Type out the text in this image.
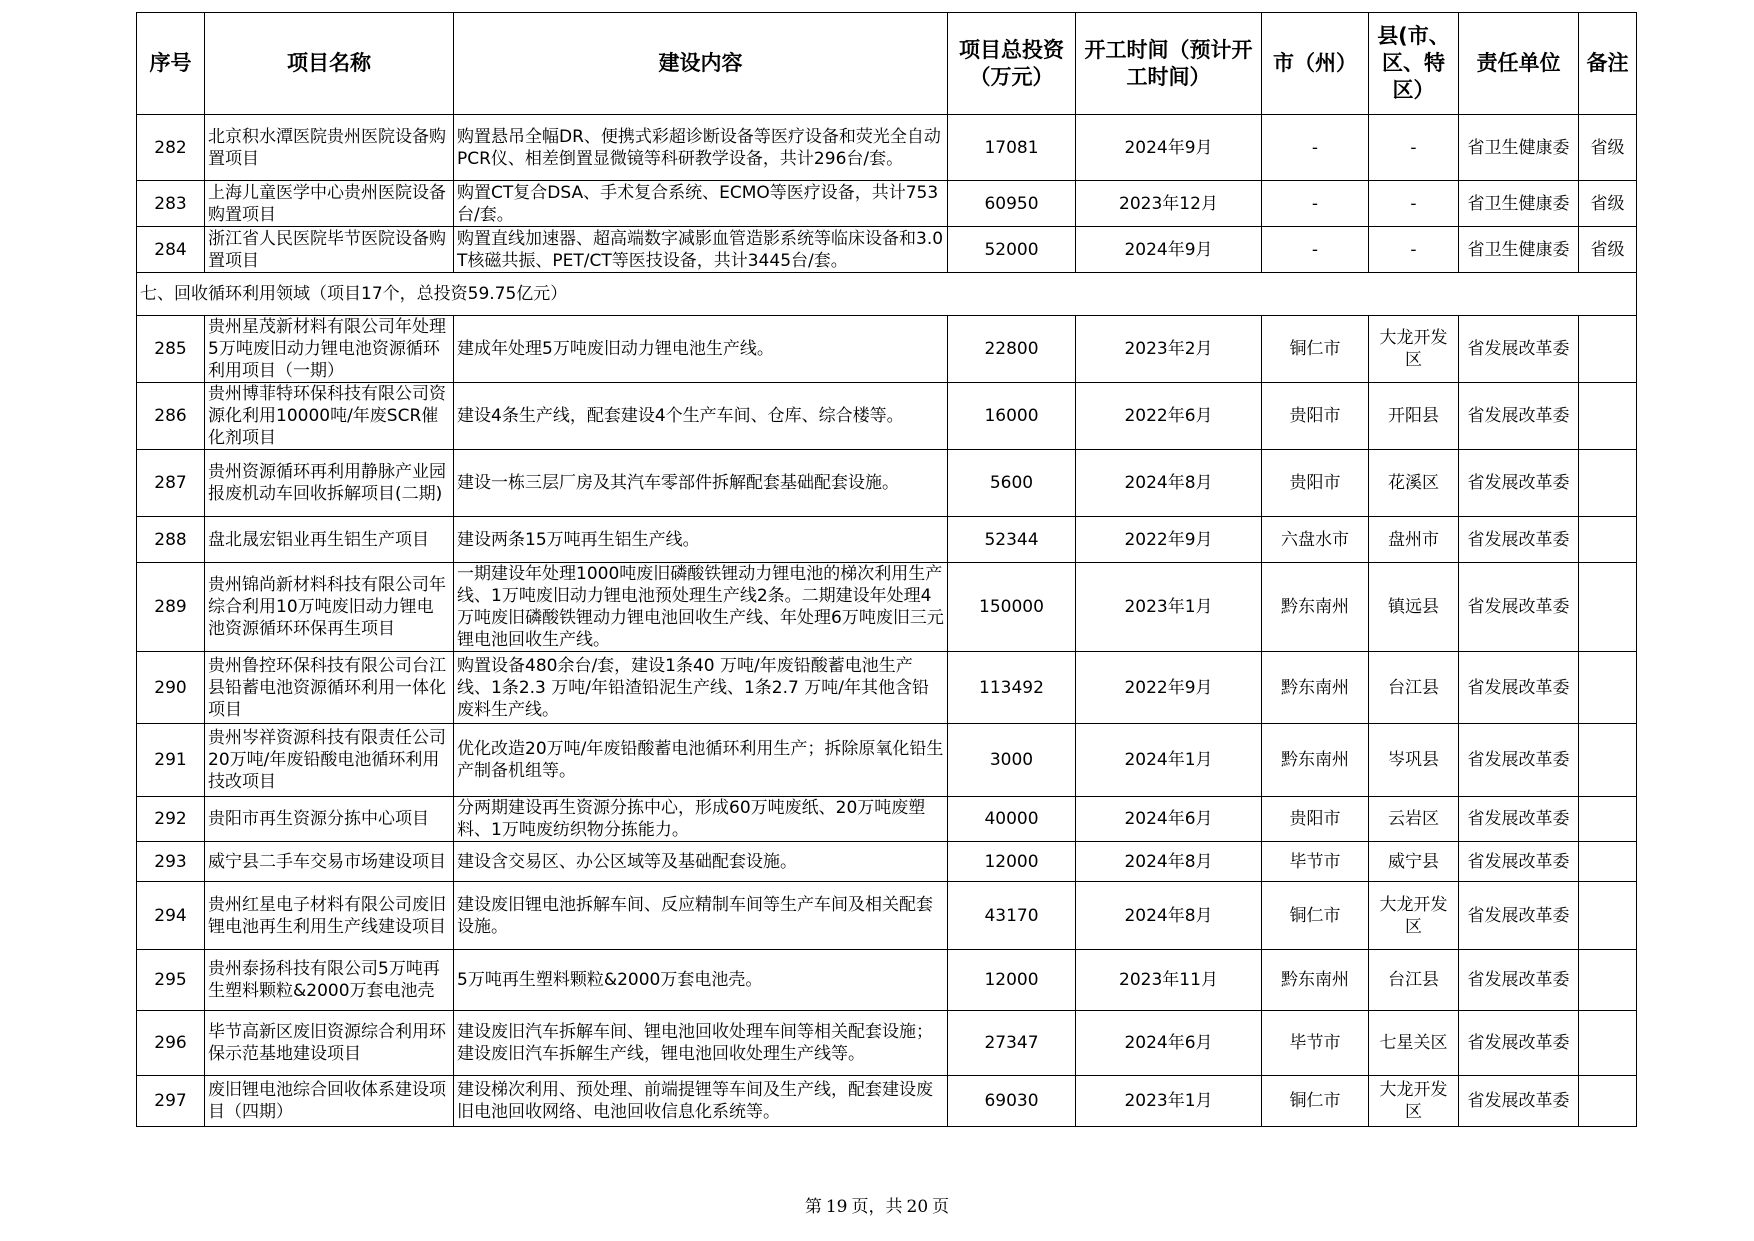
序号	项目名称	建设内容	项目总投资（万元）	开工时间（预计开工时间）	市（州）	县(市、区、特区）	责任单位	备注
282	北京积水潭医院贵州医院设备购置项目	购置悬吊全幅DR、便携式彩超诊断设备等医疗设备和荧光全自动PCR仪、相差倒置显微镜等科研教学设备，共计296台/套。	17081	2024年9月	-	-	省卫生健康委	省级
283	上海儿童医学中心贵州医院设备购置项目	购置CT复合DSA、手术复合系统、ECMO等医疗设备，共计753台/套。	60950	2023年12月	-	-	省卫生健康委	省级
284	浙江省人民医院毕节医院设备购置项目	购置直线加速器、超高端数字减影血管造影系统等临床设备和3.0T核磁共振、PET/CT等医技设备，共计3445台/套。	52000	2024年9月	-	-	省卫生健康委	省级
七、回收循环利用领域（项目17个，总投资59.75亿元）								
285	贵州星茂新材料有限公司年处理5万吨废旧动力锂电池资源循环利用项目（一期）	建成年处理5万吨废旧动力锂电池生产线。	22800	2023年2月	铜仁市	大龙开发区	省发展改革委	
286	贵州博菲特环保科技有限公司资源化利用10000吨/年废SCR催化剂项目	建设4条生产线，配套建设4个生产车间、仓库、综合楼等。	16000	2022年6月	贵阳市	开阳县	省发展改革委	
287	贵州资源循环再利用静脉产业园报废机动车回收拆解项目(二期)	建设一栋三层厂房及其汽车零部件拆解配套基础配套设施。	5600	2024年8月	贵阳市	花溪区	省发展改革委	
288	盘北晟宏铝业再生铝生产项目	建设两条15万吨再生铝生产线。	52344	2022年9月	六盘水市	盘州市	省发展改革委	
289	贵州锦尚新材料科技有限公司年综合利用10万吨废旧动力锂电池资源循环环保再生项目	一期建设年处理1000吨废旧磷酸铁锂动力锂电池的梯次利用生产线、1万吨废旧动力锂电池预处理生产线2条。二期建设年处理4万吨废旧磷酸铁锂动力锂电池回收生产线、年处理6万吨废旧三元锂电池回收生产线。	150000	2023年1月	黔东南州	镇远县	省发展改革委	
290	贵州鲁控环保科技有限公司台江县铅蓄电池资源循环利用一体化项目	购置设备480余台/套，建设1条40 万吨/年废铅酸蓄电池生产线、1条2.3 万吨/年铅渣铅泥生产线、1条2.7 万吨/年其他含铅废料生产线。	113492	2022年9月	黔东南州	台江县	省发展改革委	
291	贵州岑祥资源科技有限责任公司20万吨/年废铅酸电池循环利用技改项目	优化改造20万吨/年废铅酸蓄电池循环利用生产；拆除原氧化铅生产制备机组等。	3000	2024年1月	黔东南州	岑巩县	省发展改革委	
292	贵阳市再生资源分拣中心项目	分两期建设再生资源分拣中心，形成60万吨废纸、20万吨废塑料、1万吨废纺织物分拣能力。	40000	2024年6月	贵阳市	云岩区	省发展改革委	
293	威宁县二手车交易市场建设项目	建设含交易区、办公区域等及基础配套设施。	12000	2024年8月	毕节市	威宁县	省发展改革委	
294	贵州红星电子材料有限公司废旧锂电池再生利用生产线建设项目	建设废旧锂电池拆解车间、反应精制车间等生产车间及相关配套设施。	43170	2024年8月	铜仁市	大龙开发区	省发展改革委	
295	贵州泰扬科技有限公司5万吨再生塑料颗粒&2000万套电池壳	5万吨再生塑料颗粒&2000万套电池壳。	12000	2023年11月	黔东南州	台江县	省发展改革委	
296	毕节高新区废旧资源综合利用环保示范基地建设项目	建设废旧汽车拆解车间、锂电池回收处理车间等相关配套设施；建设废旧汽车拆解生产线，锂电池回收处理生产线等。	27347	2024年6月	毕节市	七星关区	省发展改革委	
297	废旧锂电池综合回收体系建设项目（四期）	建设梯次利用、预处理、前端提锂等车间及生产线，配套建设废旧电池回收网络、电池回收信息化系统等。	69030	2023年1月	铜仁市	大龙开发区	省发展改革委	
第 19 页，共 20 页
